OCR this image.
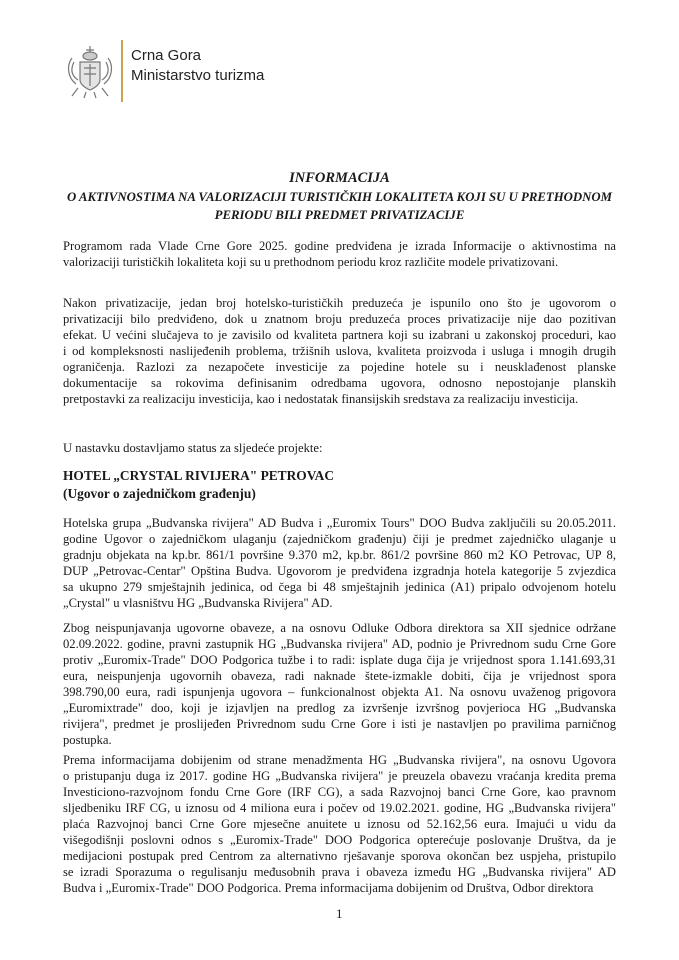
Crna Gora
Ministarstvo turizma
INFORMACIJA
O AKTIVNOSTIMA NA VALORIZACIJI TURISTIČKIH LOKALITETA KOJI SU U PRETHODNOM
PERIODU BILI PREDMET PRIVATIZACIJE
Programom rada Vlade Crne Gore 2025. godine predviđena je izrada Informacije o aktivnostima na
valorizaciji turističkih lokaliteta koji su u prethodnom periodu kroz različite modele privatizovani.
Nakon privatizacije, jedan broj hotelsko-turističkih preduzeća je ispunilo ono što je ugovorom o
privatizaciji bilo predviđeno, dok u znatnom broju preduzeća proces privatizacije nije dao pozitivan
efekat. U većini slučajeva to je zavisilo od kvaliteta partnera koji su izabrani u zakonskoj proceduri, kao
i od kompleksnosti naslijeđenih problema, tržišnih uslova, kvaliteta proizvoda i usluga i mnogih drugih
ograničenja. Razlozi za nezapočete investicije za pojedine hotele su i neusklađenost planske
dokumentacije sa rokovima definisanim odredbama ugovora, odnosno nepostojanje planskih
pretpostavki za realizaciju investicija, kao i nedostatak finansijskih sredstava za realizaciju investicija.
U nastavku dostavljamo status za sljedeće projekte:
HOTEL „CRYSTAL RIVIJERA" PETROVAC
(Ugovor o zajedničkom građenju)
Hotelska grupa „Budvanska rivijera" AD Budva i „Euromix Tours" DOO Budva zaključili su 20.05.2011.
godine Ugovor o zajedničkom ulaganju (zajedničkom građenju) čiji je predmet zajedničko ulaganje u
gradnju objekata na kp.br. 861/1 površine 9.370 m2, kp.br. 861/2 površine 860 m2 KO Petrovac, UP 8,
DUP „Petrovac-Centar" Opština Budva. Ugovorom je predviđena izgradnja hotela kategorije 5 zvjezdica
sa ukupno 279 smještajnih jedinica, od čega bi 48 smještajnih jedinica (A1) pripalo odvojenom hotelu
„Crystal" u vlasništvu HG „Budvanska Rivijera" AD.
Zbog neispunjavanja ugovorne obaveze, a na osnovu Odluke Odbora direktora sa XII sjednice održane
02.09.2022. godine, pravni zastupnik HG „Budvanska rivijera" AD, podnio je Privrednom sudu Crne Gore
protiv „Euromix-Trade" DOO Podgorica tužbe i to radi: isplate duga čija je vrijednost spora 1.141.693,31
eura, neispunjenja ugovornih obaveza, radi naknade štete-izmakle dobiti, čija je vrijednost spora
398.790,00 eura, radi ispunjenja ugovora – funkcionalnost objekta A1. Na osnovu uvaženog prigovora
„Euromixtrade" doo, koji je izjavljen na predlog za izvršenje izvršnog povjerioca HG „Budvanska
rivijera", predmet je proslijeđen Privrednom sudu Crne Gore i isti je nastavljen po pravilima parničnog
postupka.
Prema informacijama dobijenim od strane menadžmenta HG „Budvanska rivijera", na osnovu Ugovora
o pristupanju duga iz 2017. godine HG „Budvanska rivijera" je preuzela obavezu vraćanja kredita prema
Investiciono-razvojnom fondu Crne Gore (IRF CG), a sada Razvojnoj banci Crne Gore, kao pravnom
sljedbeniku IRF CG, u iznosu od 4 miliona eura i počev od 19.02.2021. godine, HG „Budvanska rivijera"
plaća Razvojnoj banci Crne Gore mjesečne anuitete u iznosu od 52.162,56 eura. Imajući u vidu da
višegodišnji poslovni odnos s „Euromix-Trade" DOO Podgorica opterećuje poslovanje Društva, da je
medijacioni postupak pred Centrom za alternativno rješavanje sporova okončan bez uspjeha, pristupilo
se izradi Sporazuma o regulisanju međusobnih prava i obaveza između HG „Budvanska rivijera" AD
Budva i „Euromix-Trade" DOO Podgorica. Prema informacijama dobijenim od Društva, Odbor direktora
1
